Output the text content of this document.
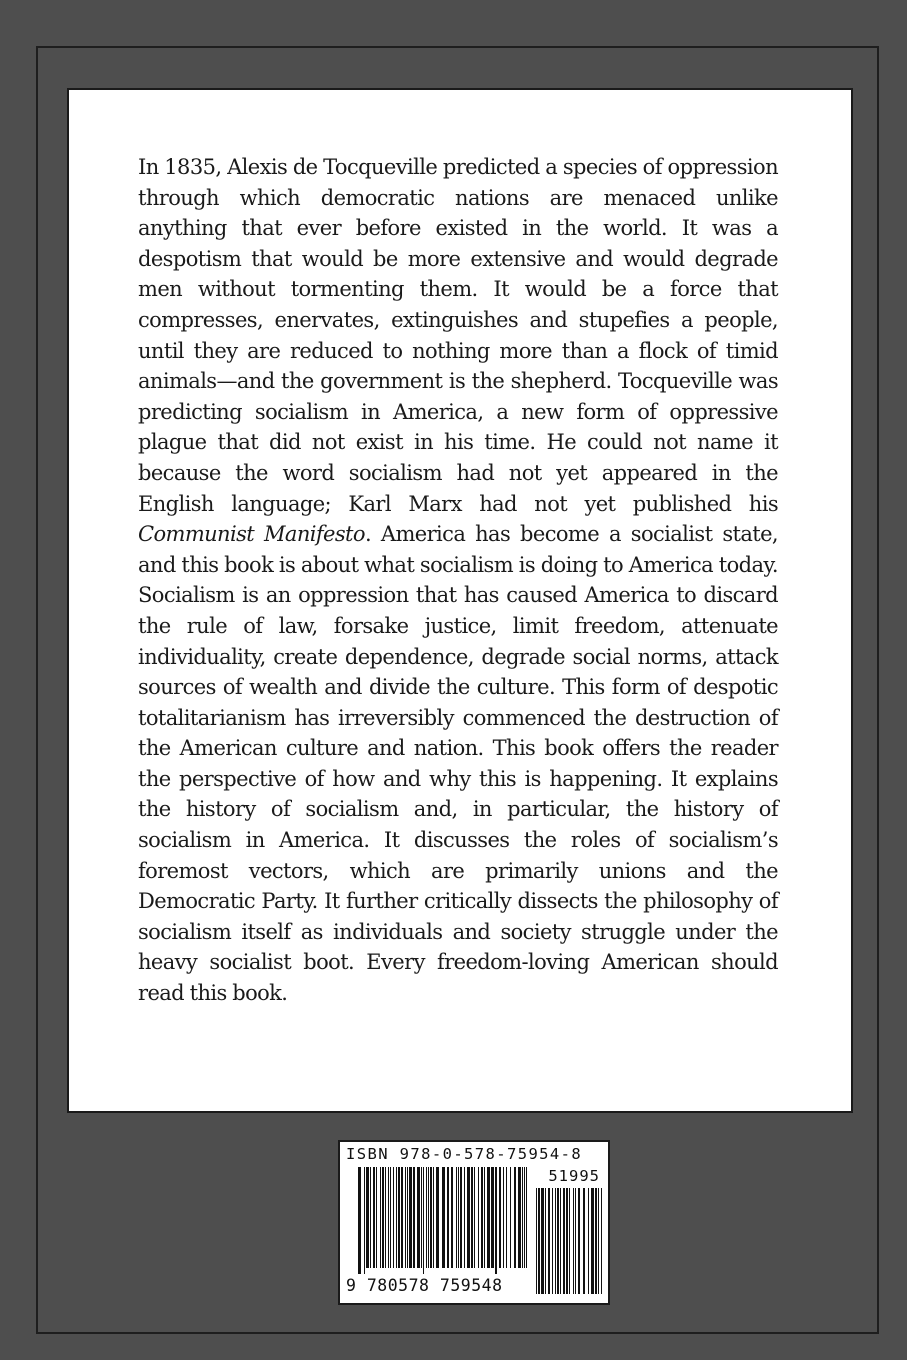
In 1835, Alexis de Tocqueville predicted a species of oppression through which democratic nations are menaced unlike anything that ever before existed in the world. It was a despotism that would be more extensive and would degrade men without tormenting them. It would be a force that compresses, enervates, extinguishes and stupefies a people, until they are reduced to nothing more than a flock of timid animals—and the government is the shepherd. Tocqueville was predicting socialism in America, a new form of oppressive plague that did not exist in his time. He could not name it because the word socialism had not yet appeared in the English language; Karl Marx had not yet published his Communist Manifesto. America has become a socialist state, and this book is about what socialism is doing to America today. Socialism is an oppression that has caused America to discard the rule of law, forsake justice, limit freedom, attenuate individuality, create dependence, degrade social norms, attack sources of wealth and divide the culture. This form of despotic totalitarianism has irreversibly commenced the destruction of the American culture and nation. This book offers the reader the perspective of how and why this is happening. It explains the history of socialism and, in particular, the history of socialism in America. It discusses the roles of socialism’s foremost vectors, which are primarily unions and the Democratic Party. It further critically dissects the philosophy of socialism itself as individuals and society struggle under the heavy socialist boot. Every freedom-loving American should read this book.

ISBN 978-0-578-75954-8
51995
9 780578 759548
